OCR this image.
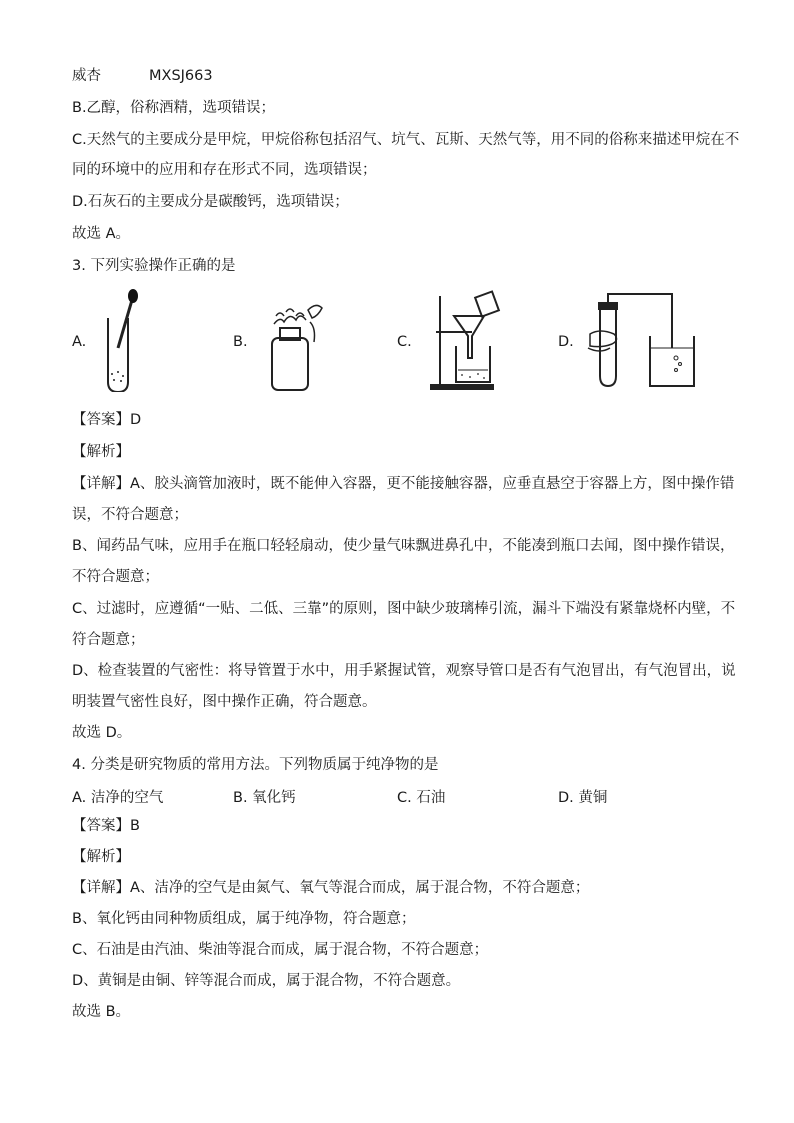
威杏	MXSJ663
B.乙醇，俗称酒精，选项错误；
C.天然气的主要成分是甲烷，甲烷俗称包括沼气、坑气、瓦斯、天然气等，用不同的俗称来描述甲烷在不
同的环境中的应用和存在形式不同，选项错误；
D.石灰石的主要成分是碳酸钙，选项错误；
故选 A。
3. 下列实验操作正确的是
A.	B.	C.	D.
【答案】D
【解析】
【详解】A、胶头滴管加液时，既不能伸入容器，更不能接触容器，应垂直悬空于容器上方，图中操作错
误，不符合题意；
B、闻药品气味，应用手在瓶口轻轻扇动，使少量气味飘进鼻孔中，不能凑到瓶口去闻，图中操作错误，
不符合题意；
C、过滤时，应遵循“一贴、二低、三靠”的原则，图中缺少玻璃棒引流，漏斗下端没有紧靠烧杯内壁，不
符合题意；
D、检查装置的气密性：将导管置于水中，用手紧握试管，观察导管口是否有气泡冒出，有气泡冒出，说
明装置气密性良好，图中操作正确，符合题意。
故选 D。
4. 分类是研究物质的常用方法。下列物质属于纯净物的是
A. 洁净的空气	B. 氧化钙	C. 石油	D. 黄铜
【答案】B
【解析】
【详解】A、洁净的空气是由氮气、氧气等混合而成，属于混合物，不符合题意；
B、氧化钙由同种物质组成，属于纯净物，符合题意；
C、石油是由汽油、柴油等混合而成，属于混合物，不符合题意；
D、黄铜是由铜、锌等混合而成，属于混合物，不符合题意。
故选 B。
